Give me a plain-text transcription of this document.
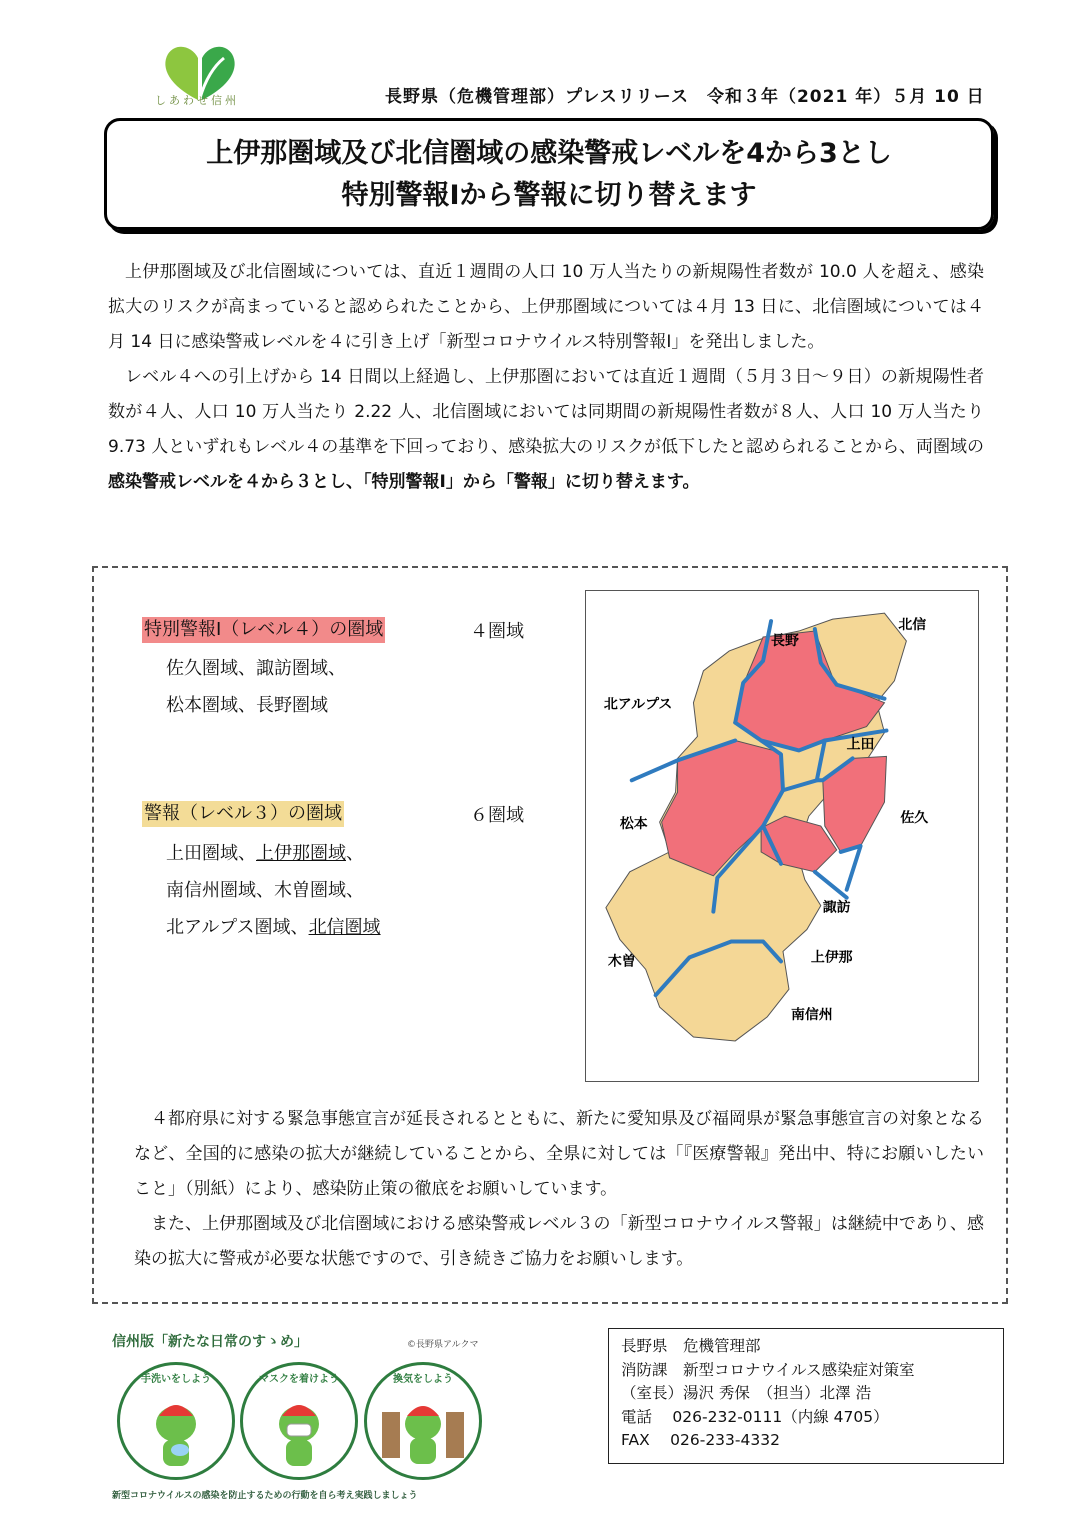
しあわせ信州	長野県（危機管理部）プレスリリース　令和３年（2021 年）５月 10 日
上伊那圏域及び北信圏域の感染警戒レベルを4から3とし
特別警報Ⅰから警報に切り替えます

上伊那圏域及び北信圏域については、直近１週間の人口 10 万人当たりの新規陽性者数が 10.0 人を超え、感染拡大のリスクが高まっていると認められたことから、上伊那圏域については４月 13 日に、北信圏域については４月 14 日に感染警戒レベルを４に引き上げ「新型コロナウイルス特別警報Ⅰ」を発出しました。

レベル４への引上げから 14 日間以上経過し、上伊那圏においては直近１週間（５月３日～９日）の新規陽性者数が４人、人口 10 万人当たり 2.22 人、北信圏域においては同期間の新規陽性者数が８人、人口 10 万人当たり 9.73 人といずれもレベル４の基準を下回っており、感染拡大のリスクが低下したと認められることから、両圏域の感染警戒レベルを４から３とし、「特別警報Ⅰ」から「警報」に切り替えます。

特別警報Ⅰ（レベル４）の圏域	４圏域
佐久圏域、諏訪圏域、
松本圏域、長野圏域
警報（レベル３）の圏域	６圏域
上田圏域、上伊那圏域、
南信州圏域、木曽圏域、
北アルプス圏域、北信圏域
長野
北信
北アルプス
上田
松本	佐久
諏訪
木曽	上伊那
南信州

４都府県に対する緊急事態宣言が延長されるとともに、新たに愛知県及び福岡県が緊急事態宣言の対象となるなど、全国的に感染の拡大が継続していることから、全県に対しては「『医療警報』発出中、特にお願いしたいこと」（別紙）により、感染防止策の徹底をお願いしています。

また、上伊那圏域及び北信圏域における感染警戒レベル３の「新型コロナウイルス警報」は継続中であり、感染の拡大に警戒が必要な状態ですので、引き続きご協力をお願いします。

信州版「新たな日常のすゝめ」	©長野県アルクマ
手洗いをしよう	マスクを着けよう	換気をしよう
新型コロナウイルスの感染を防止するための行動を自ら考え実践しましょう
長野県　危機管理部
消防課　新型コロナウイルス感染症対策室
（室長）湯沢 秀保　（担当）北澤 浩
電話　 026-232-0111（内線 4705）
FAX　 026-233-4332
